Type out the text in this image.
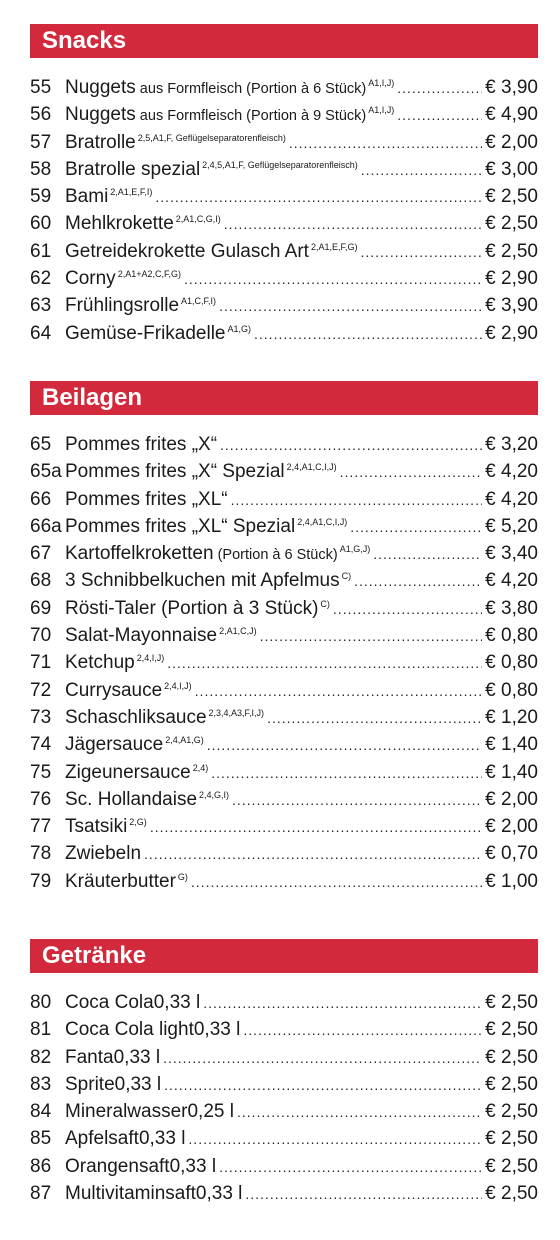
Snacks
55 Nuggets aus Formfleisch (Portion à 6 Stück) $^{A1,I,J)}$ .....	€ 3,90
56 Nuggets aus Formfleisch (Portion à 9 Stück) $^{A1,I,J)}$ .....	€ 4,90
57 Bratrolle $^{2,5,A1,F, Geflügelseparatorenfleisch)}$ .....	€ 2,00
58 Bratrolle spezial $^{2,4,5,A1,F, Geflügelseparatorenfleisch)}$ .....	€ 3,00
59 Bami $^{2,A1,E,F,I)}$ .....	€ 2,50
60 Mehlkrokette $^{2,A1,C,G,I)}$ .....	€ 2,50
61 Getreidekrokette Gulasch Art $^{2,A1,E,F,G)}$ .....	€ 2,50
62 Corny $^{2,A1+A2,C,F,G)}$ .....	€ 2,90
63 Frühlingsrolle $^{A1,C,F,I)}$ .....	€ 3,90
64 Gemüse-Frikadelle $^{A1,G)}$ .....	€ 2,90
Beilagen
65 Pommes frites „X“ .....	€ 3,20
65a Pommes frites „X“ Spezial $^{2,4,A1,C,I,J)}$ .....	€ 4,20
66 Pommes frites „XL“ .....	€ 4,20
66a Pommes frites „XL“ Spezial $^{2,4,A1,C,I,J)}$ .....	€ 5,20
67 Kartoffelkroketten (Portion à 6 Stück) $^{A1,G,J)}$ .....	€ 3,40
68 3 Schnibbelkuchen mit Apfelmus $^{C)}$ .....	€ 4,20
69 Rösti-Taler (Portion à 3 Stück) $^{C)}$ .....	€ 3,80
70 Salat-Mayonnaise $^{2,A1,C,J)}$ .....	€ 0,80
71 Ketchup $^{2,4,I,J)}$ .....	€ 0,80
72 Currysauce $^{2,4,I,J)}$ .....	€ 0,80
73 Schaschliksauce $^{2,3,4,A3,F,I,J)}$ .....	€ 1,20
74 Jägersauce $^{2,4,A1,G)}$ .....	€ 1,40
75 Zigeunersauce $^{2,4)}$ .....	€ 1,40
76 Sc. Hollandaise $^{2,4,G,I)}$ .....	€ 2,00
77 Tsatsiki $^{2,G)}$ .....	€ 2,00
78 Zwiebeln .....	€ 0,70
79 Kräuterbutter $^{G)}$ .....	€ 1,00
Getränke
80 Coca Cola0,33 l .....	€ 2,50
81 Coca Cola light0,33 l .....	€ 2,50
82 Fanta0,33 l .....	€ 2,50
83 Sprite0,33 l .....	€ 2,50
84 Mineralwasser0,25 l .....	€ 2,50
85 Apfelsaft0,33 l .....	€ 2,50
86 Orangensaft0,33 l .....	€ 2,50
87 Multivitaminsaft0,33 l .....	€ 2,50
